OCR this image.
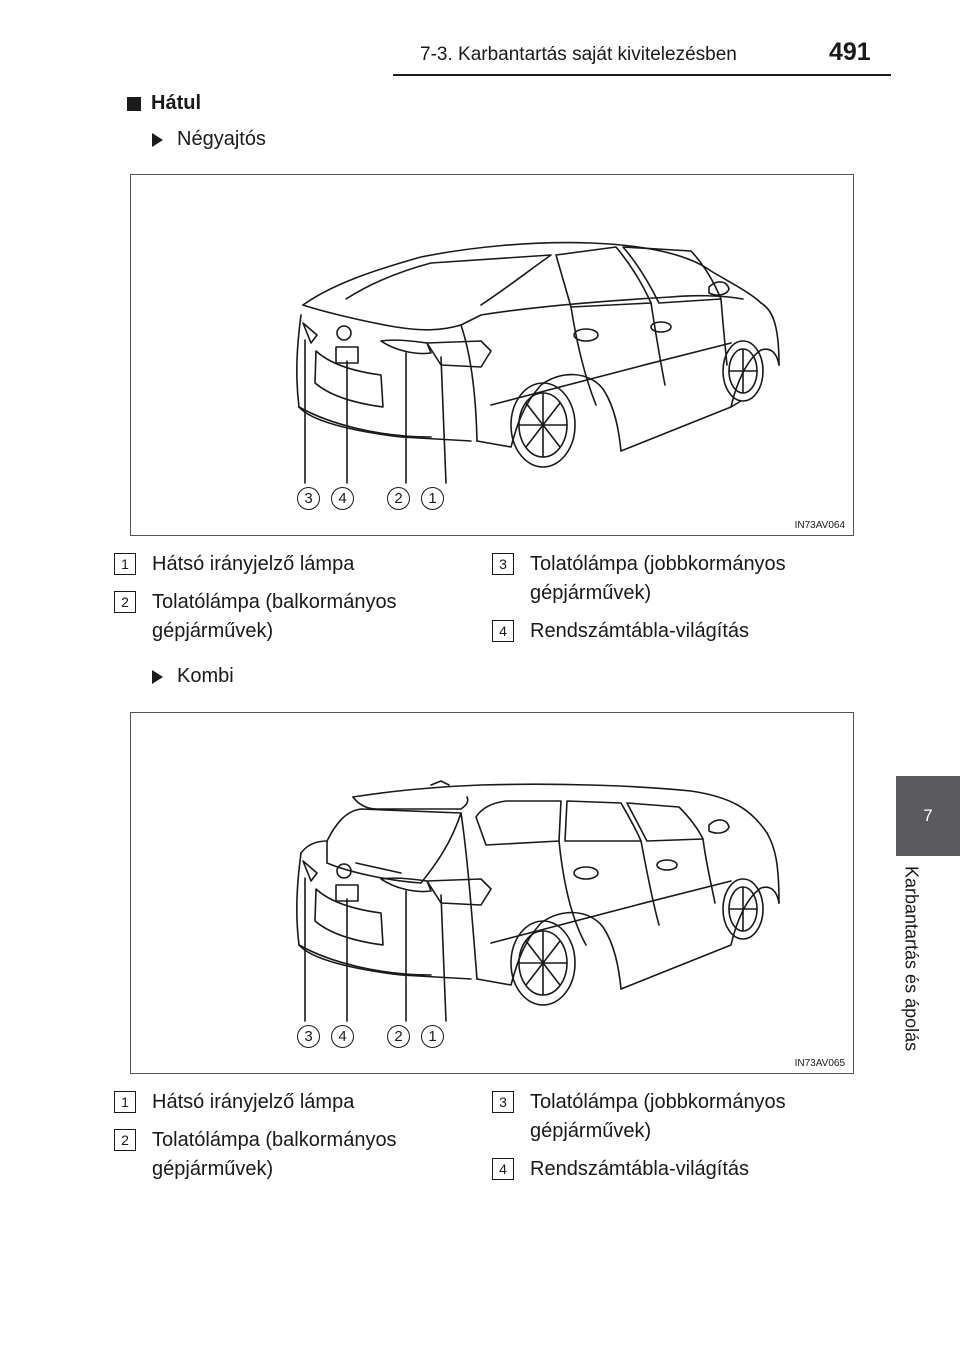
7-3. Karbantartás saját kivitelezésben	491
7
Karbantartás és ápolás
Hátul
Négyajtós
3	4	2	1
IN73AV064
1	Hátsó irányjelző lámpa
2	Tolatólámpa (balkormányos
gépjárművek)
3	Tolatólámpa (jobbkormányos
gépjárművek)
4	Rendszámtábla-világítás
Kombi
3	4	2	1
IN73AV065
1	Hátsó irányjelző lámpa
2	Tolatólámpa (balkormányos
gépjárművek)
3	Tolatólámpa (jobbkormányos
gépjárművek)
4	Rendszámtábla-világítás
